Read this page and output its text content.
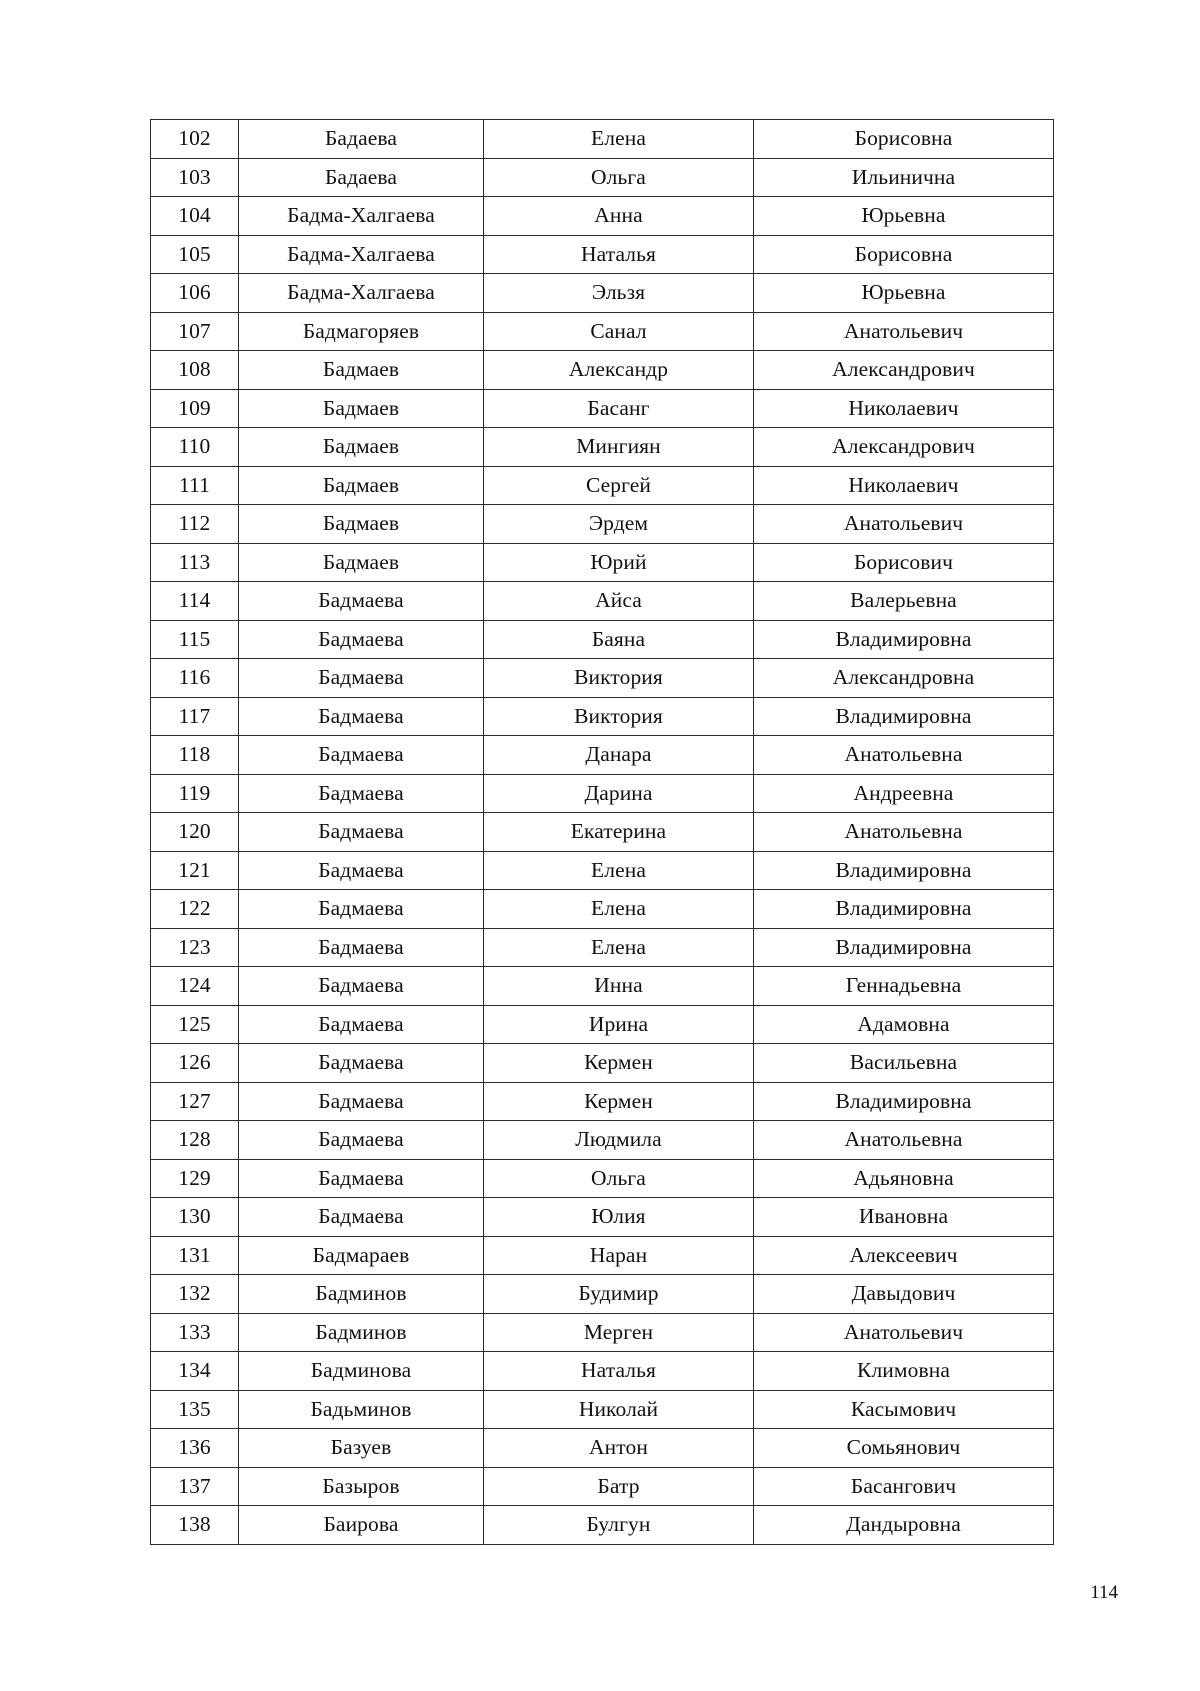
102	Бадаева	Елена	Борисовна
103	Бадаева	Ольга	Ильинична
104	Бадма-Халгаева	Анна	Юрьевна
105	Бадма-Халгаева	Наталья	Борисовна
106	Бадма-Халгаева	Эльзя	Юрьевна
107	Бадмагоряев	Санал	Анатольевич
108	Бадмаев	Александр	Александрович
109	Бадмаев	Басанг	Николаевич
110	Бадмаев	Мингиян	Александрович
111	Бадмаев	Сергей	Николаевич
112	Бадмаев	Эрдем	Анатольевич
113	Бадмаев	Юрий	Борисович
114	Бадмаева	Айса	Валерьевна
115	Бадмаева	Баяна	Владимировна
116	Бадмаева	Виктория	Александровна
117	Бадмаева	Виктория	Владимировна
118	Бадмаева	Данара	Анатольевна
119	Бадмаева	Дарина	Андреевна
120	Бадмаева	Екатерина	Анатольевна
121	Бадмаева	Елена	Владимировна
122	Бадмаева	Елена	Владимировна
123	Бадмаева	Елена	Владимировна
124	Бадмаева	Инна	Геннадьевна
125	Бадмаева	Ирина	Адамовна
126	Бадмаева	Кермен	Васильевна
127	Бадмаева	Кермен	Владимировна
128	Бадмаева	Людмила	Анатольевна
129	Бадмаева	Ольга	Адьяновна
130	Бадмаева	Юлия	Ивановна
131	Бадмараев	Наран	Алексеевич
132	Бадминов	Будимир	Давыдович
133	Бадминов	Мерген	Анатольевич
134	Бадминова	Наталья	Климовна
135	Бадьминов	Николай	Касымович
136	Базуев	Антон	Сомьянович
137	Базыров	Батр	Басангович
138	Баирова	Булгун	Дандыровна
114
